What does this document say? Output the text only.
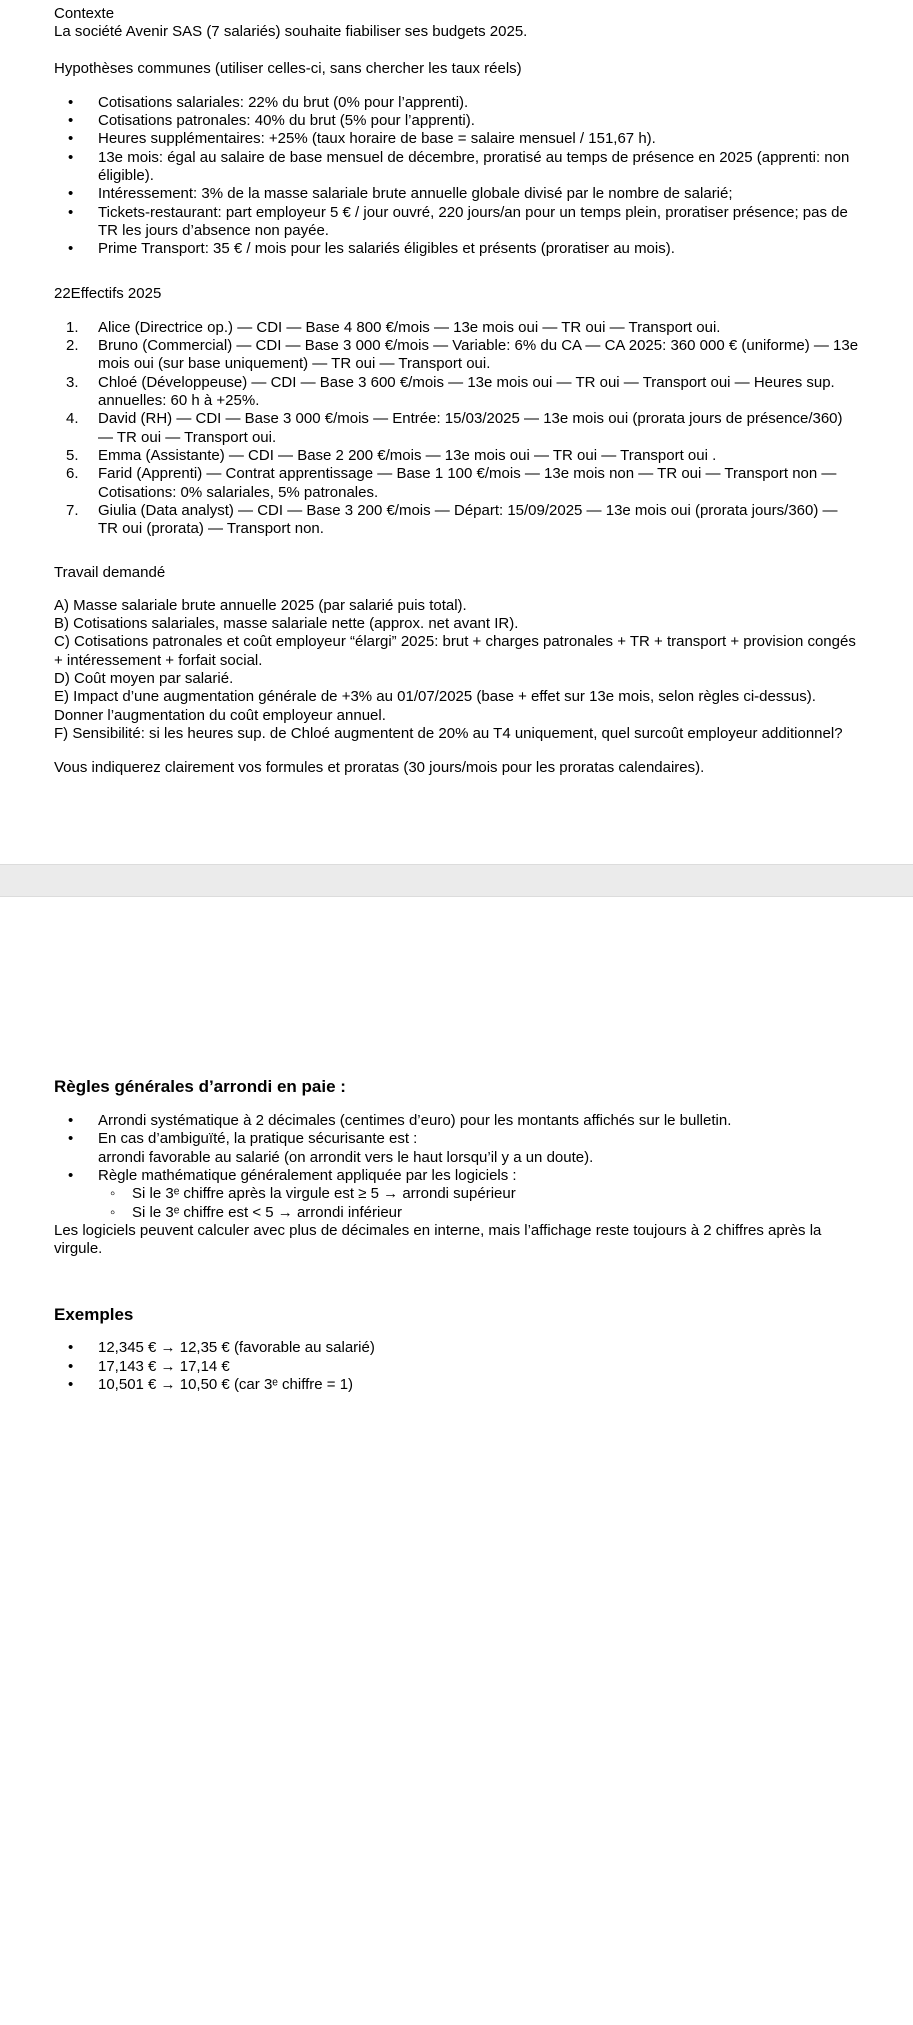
Contexte

La société Avenir SAS (7 salariés) souhaite fiabiliser ses budgets 2025.

Hypothèses communes (utiliser celles-ci, sans chercher les taux réels)

• Cotisations salariales: 22% du brut (0% pour l’apprenti).
• Cotisations patronales: 40% du brut (5% pour l’apprenti).
• Heures supplémentaires: +25% (taux horaire de base = salaire mensuel / 151,67 h).
• 13e mois: égal au salaire de base mensuel de décembre, proratisé au temps de présence en 2025 (apprenti: non éligible).
• Intéressement: 3% de la masse salariale brute annuelle globale divisé par le nombre de salarié;
• Tickets-restaurant: part employeur 5 € / jour ouvré, 220 jours/an pour un temps plein, proratiser présence; pas de TR les jours d’absence non payée.
• Prime Transport: 35 € / mois pour les salariés éligibles et présents (proratiser au mois).

22Effectifs 2025

Alice (Directrice op.) — CDI — Base 4 800 €/mois — 13e mois oui — TR oui — Transport oui.
Bruno (Commercial) — CDI — Base 3 000 €/mois — Variable: 6% du CA — CA 2025: 360 000 € (uniforme) — 13e mois oui (sur base uniquement) — TR oui — Transport oui.
Chloé (Développeuse) — CDI — Base 3 600 €/mois — 13e mois oui — TR oui — Transport oui — Heures sup. annuelles: 60 h à +25%.
David (RH) — CDI — Base 3 000 €/mois — Entrée: 15/03/2025 — 13e mois oui (prorata jours de présence/360) — TR oui — Transport oui.
Emma (Assistante) — CDI — Base 2 200 €/mois — 13e mois oui — TR oui — Transport oui .
Farid (Apprenti) — Contrat apprentissage — Base 1 100 €/mois — 13e mois non — TR oui — Transport non — Cotisations: 0% salariales, 5% patronales.
Giulia (Data analyst) — CDI — Base 3 200 €/mois — Départ: 15/09/2025 — 13e mois oui (prorata jours/360) — TR oui (prorata) — Transport non.

Travail demandé

A) Masse salariale brute annuelle 2025 (par salarié puis total).

B) Cotisations salariales, masse salariale nette (approx. net avant IR).

C) Cotisations patronales et coût employeur “élargi” 2025: brut + charges patronales + TR + transport + provision congés + intéressement + forfait social.

D) Coût moyen par salarié.

E) Impact d’une augmentation générale de +3% au 01/07/2025 (base + effet sur 13e mois, selon règles ci-dessus). Donner l’augmentation du coût employeur annuel.

F) Sensibilité: si les heures sup. de Chloé augmentent de 20% au T4 uniquement, quel surcoût employeur additionnel?

Vous indiquerez clairement vos formules et proratas (30 jours/mois pour les proratas calendaires).

Règles générales d’arrondi en paie :

• Arrondi systématique à 2 décimales (centimes d’euro) pour les montants affichés sur le bulletin.
• En cas d’ambiguïté, la pratique sécurisante est :
arrondi favorable au salarié (on arrondit vers le haut lorsqu’il y a un doute).
• Règle mathématique généralement appliquée par les logiciels :
◦ Si le 3ᵉ chiffre après la virgule est ≥ 5 → arrondi supérieur
◦ Si le 3ᵉ chiffre est < 5 → arrondi inférieur

Les logiciels peuvent calculer avec plus de décimales en interne, mais l’affichage reste toujours à 2 chiffres après la virgule.

Exemples

• 12,345 € → 12,35 € (favorable au salarié)
• 17,143 € → 17,14 €
• 10,501 € → 10,50 € (car 3ᵉ chiffre = 1)
